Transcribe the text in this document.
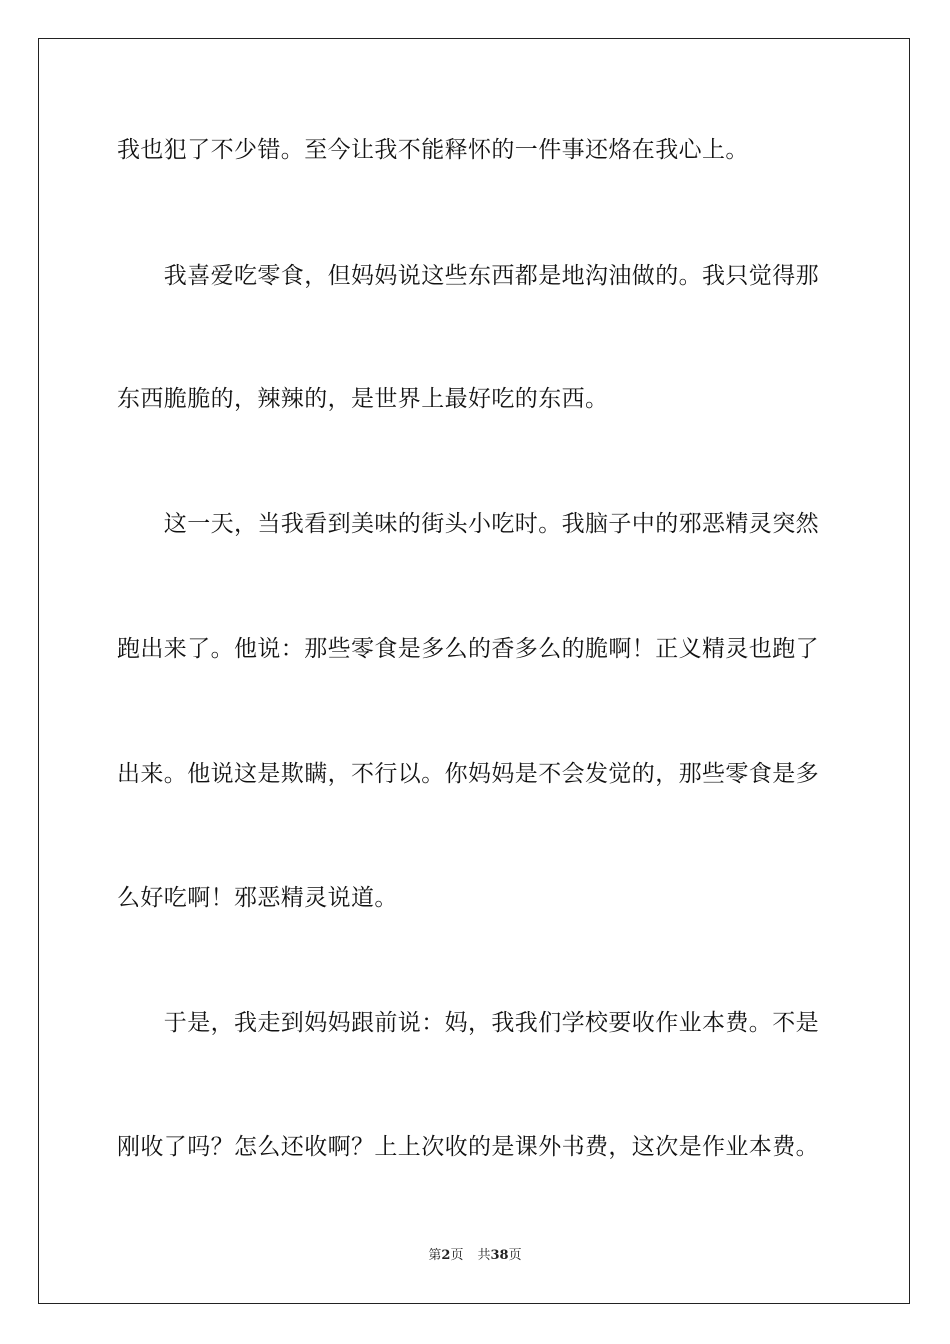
我也犯了不少错。至今让我不能释怀的一件事还烙在我心上。
　　我喜爱吃零食，但妈妈说这些东西都是地沟油做的。我只觉得那
东西脆脆的，辣辣的，是世界上最好吃的东西。
　　这一天，当我看到美味的街头小吃时。我脑子中的邪恶精灵突然
跑出来了。他说：那些零食是多么的香多么的脆啊！正义精灵也跑了
出来。他说这是欺瞒，不行以。你妈妈是不会发觉的，那些零食是多
么好吃啊！邪恶精灵说道。
　　于是，我走到妈妈跟前说：妈，我我们学校要收作业本费。不是
刚收了吗？怎么还收啊？上上次收的是课外书费，这次是作业本费。
第2页 共38页
